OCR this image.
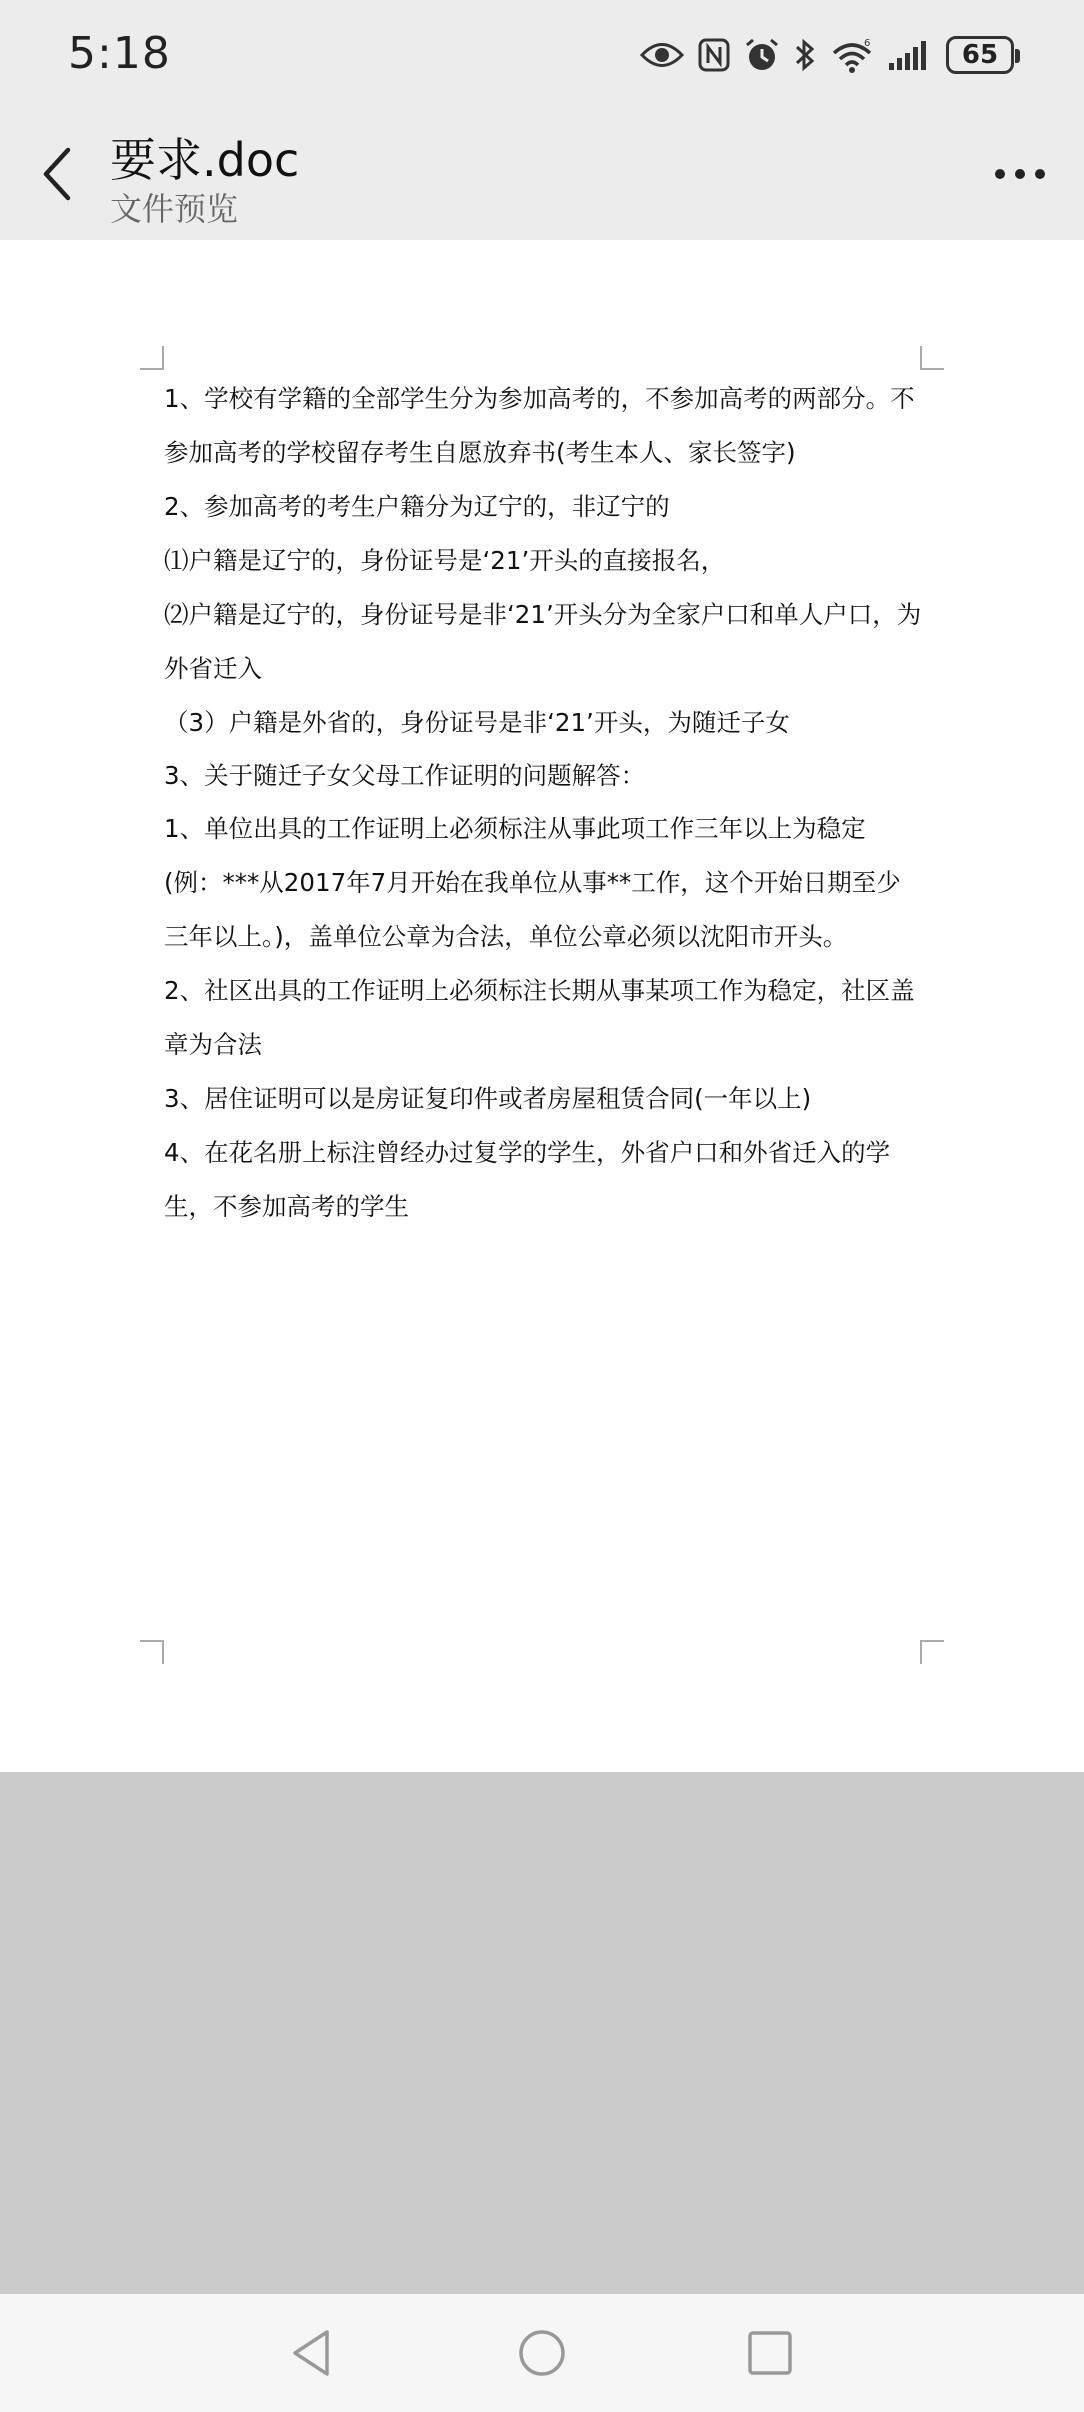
5:18	6	65
要求.doc
文件预览

1、学校有学籍的全部学生分为参加高考的，不参加高考的两部分。不参加高考的学校留存考生自愿放弃书(考生本人、家长签字)

2、参加高考的考生户籍分为辽宁的，非辽宁的

⑴户籍是辽宁的，身份证号是‘21’开头的直接报名，

⑵户籍是辽宁的，身份证号是非‘21’开头分为全家户口和单人户口，为外省迁入

（3）户籍是外省的，身份证号是非‘21’开头，为随迁子女

3、关于随迁子女父母工作证明的问题解答：

1、单位出具的工作证明上必须标注从事此项工作三年以上为稳定(例：***从2017年7月开始在我单位从事**工作，这个开始日期至少三年以上。)，盖单位公章为合法，单位公章必须以沈阳市开头。

2、社区出具的工作证明上必须标注长期从事某项工作为稳定，社区盖章为合法

3、居住证明可以是房证复印件或者房屋租赁合同(一年以上)

4、在花名册上标注曾经办过复学的学生，外省户口和外省迁入的学生，不参加高考的学生
